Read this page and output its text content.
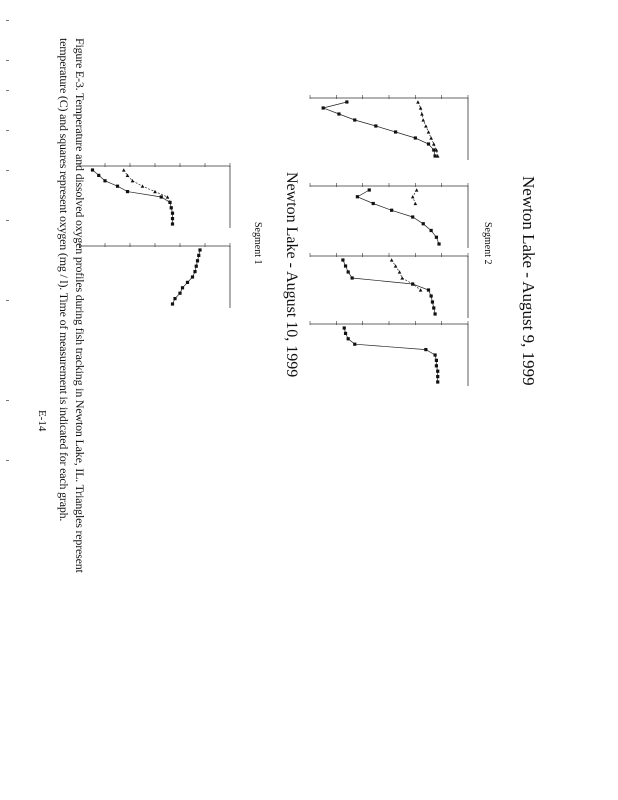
Newton Lake - August 9, 1999
Segment 2
Newton Lake - August 10, 1999
Segment 1
Figure E-3. Temperature and dissolved oxygen profiles during fish tracking in Newton Lake, IL. Triangles represent
temperature (C) and squares represent oxygen (mg / l). Time of measurement is indicated for each graph.
E-14
